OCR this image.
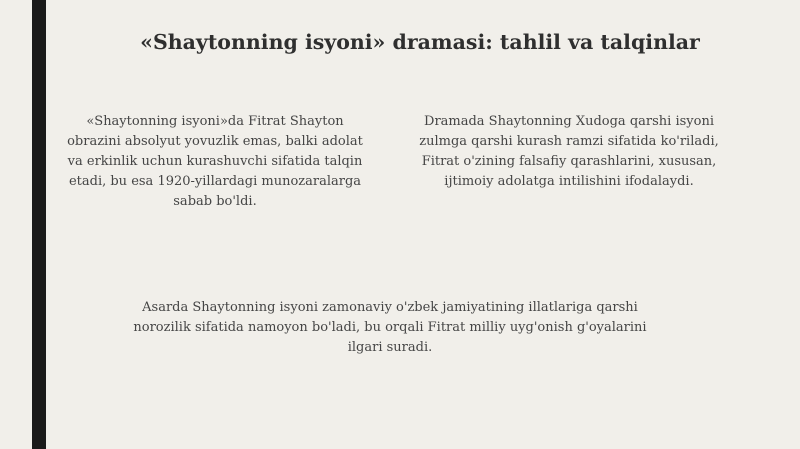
«Shaytonning isyoni» dramasi: tahlil va talqinlar

«Shaytonning isyoni»da Fitrat Shayton obrazini absolyut yovuzlik emas, balki adolat va erkinlik uchun kurashuvchi sifatida talqin etadi, bu esa 1920-yillardagi munozaralarga sabab bo'ldi.

Dramada Shaytonning Xudoga qarshi isyoni zulmga qarshi kurash ramzi sifatida ko'riladi, Fitrat o'zining falsafiy qarashlarini, xususan, ijtimoiy adolatga intilishini ifodalaydi.

Asarda Shaytonning isyoni zamonaviy o'zbek jamiyatining illatlariga qarshi norozilik sifatida namoyon bo'ladi, bu orqali Fitrat milliy uyg'onish g'oyalarini ilgari suradi.
